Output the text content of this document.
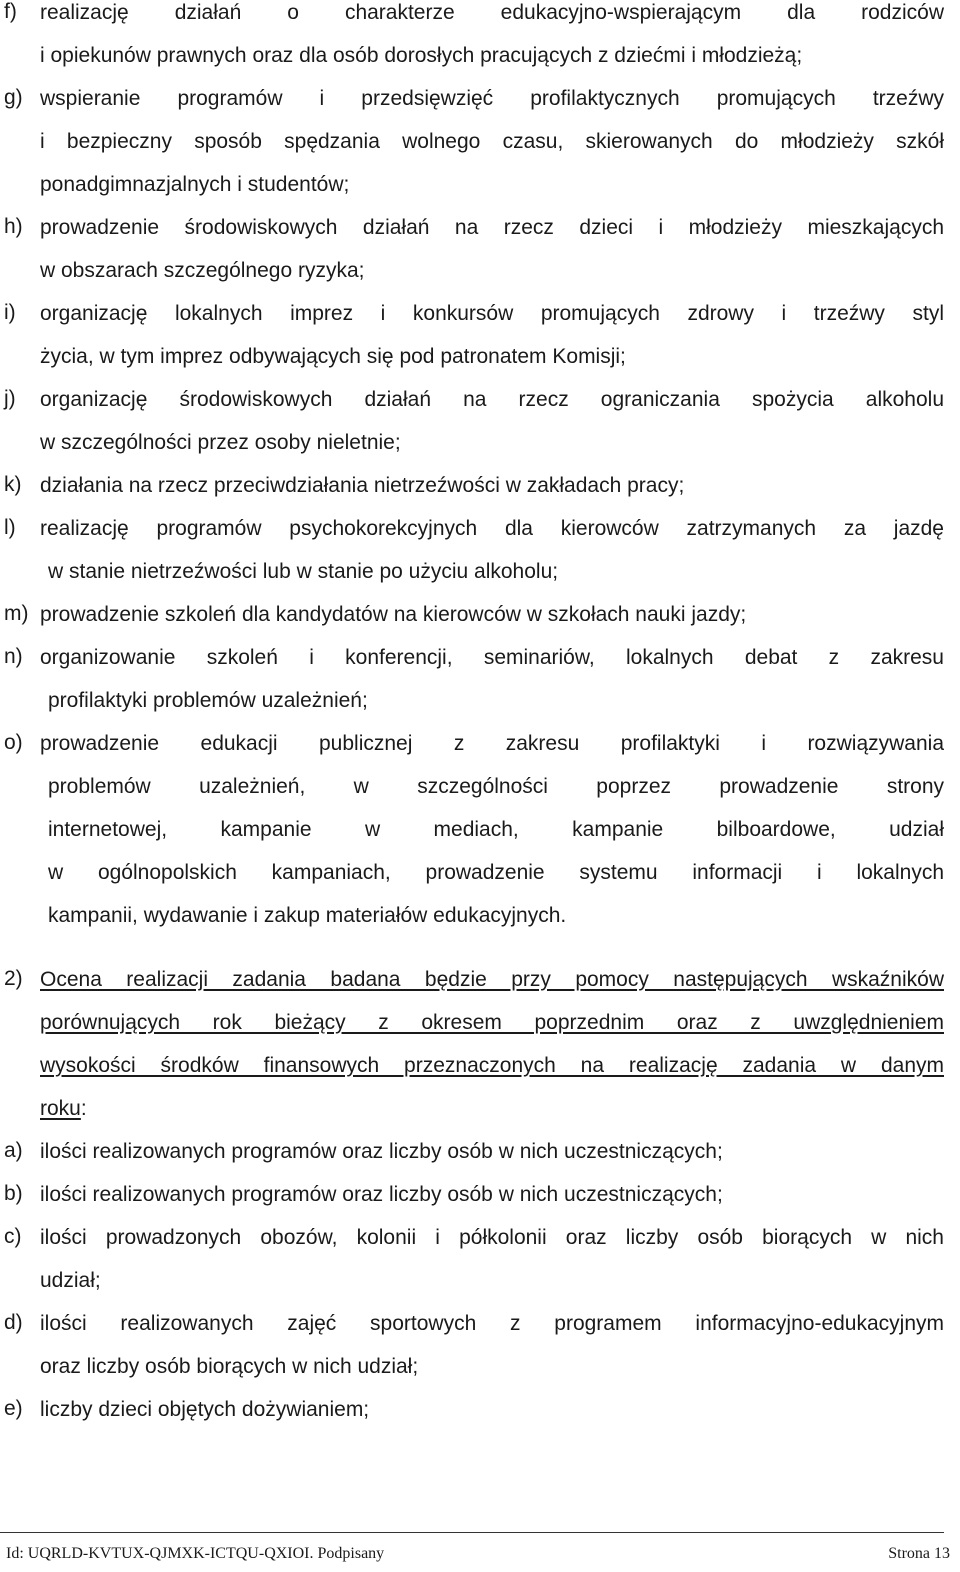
f) realizację działań o charakterze edukacyjno-wspierającym dla rodziców
i opiekunów prawnych oraz dla osób dorosłych pracujących z dziećmi i młodzieżą;
g) wspieranie programów i przedsięwzięć profilaktycznych promujących trzeźwy
i bezpieczny sposób spędzania wolnego czasu, skierowanych do młodzieży szkół
ponadgimnazjalnych i studentów;
h) prowadzenie środowiskowych działań na rzecz dzieci i młodzieży mieszkających
w obszarach szczególnego ryzyka;
i) organizację lokalnych imprez i konkursów promujących zdrowy i trzeźwy styl
życia, w tym imprez odbywających się pod patronatem Komisji;
j) organizację środowiskowych działań na rzecz ograniczania spożycia alkoholu
w szczególności przez osoby nieletnie;
k) działania na rzecz przeciwdziałania nietrzeźwości w zakładach pracy;
l) realizację programów psychokorekcyjnych dla kierowców zatrzymanych za jazdę
w stanie nietrzeźwości lub w stanie po użyciu alkoholu;
m) prowadzenie szkoleń dla kandydatów na kierowców w szkołach nauki jazdy;
n) organizowanie szkoleń i konferencji, seminariów, lokalnych debat z zakresu
profilaktyki problemów uzależnień;
o) prowadzenie edukacji publicznej z zakresu profilaktyki i rozwiązywania
problemów uzależnień, w szczególności poprzez prowadzenie strony
internetowej, kampanie w mediach, kampanie bilboardowe, udział
w ogólnopolskich kampaniach, prowadzenie systemu informacji i lokalnych
kampanii, wydawanie i zakup materiałów edukacyjnych.
2) Ocena realizacji zadania badana będzie przy pomocy następujących wskaźników
porównujących rok bieżący z okresem poprzednim oraz z uwzględnieniem
wysokości środków finansowych przeznaczonych na realizację zadania w danym
roku:
a) ilości realizowanych programów oraz liczby osób w nich uczestniczących;
b) ilości realizowanych programów oraz liczby osób w nich uczestniczących;
c) ilości prowadzonych obozów, kolonii i półkolonii oraz liczby osób biorących w nich
udział;
d) ilości realizowanych zajęć sportowych z programem informacyjno-edukacyjnym
oraz liczby osób biorących w nich udział;
e) liczby dzieci objętych dożywianiem;
Id: UQRLD-KVTUX-QJMXK-ICTQU-QXIOI. Podpisany	Strona 13
